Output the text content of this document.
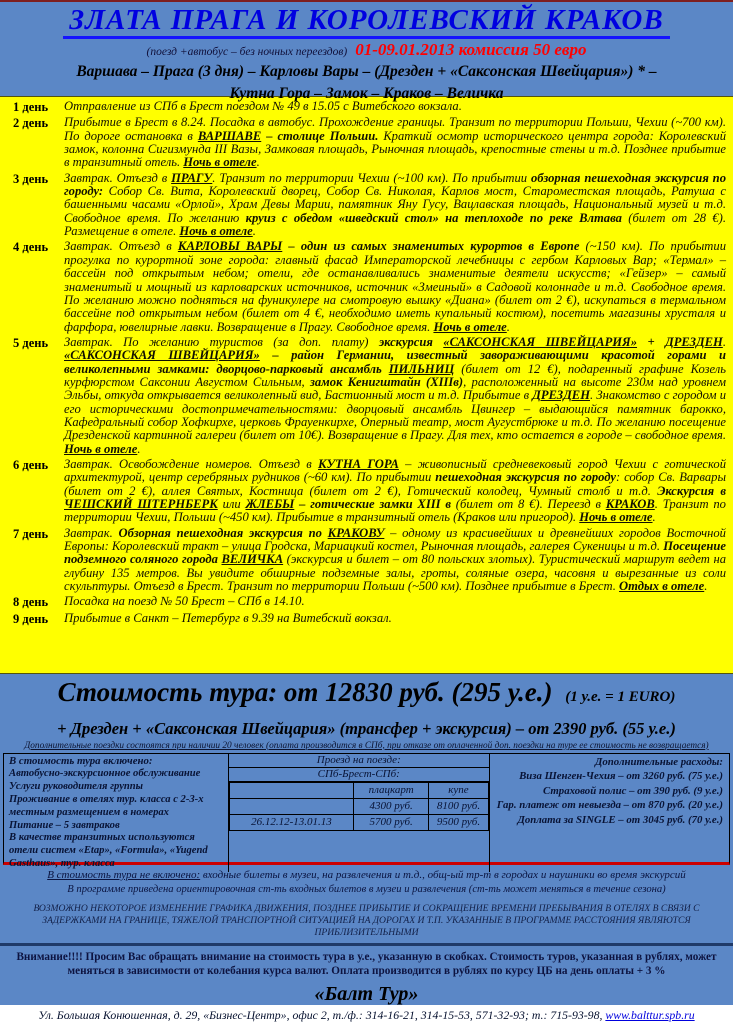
ЗЛАТА ПРАГА И КОРОЛЕВСКИЙ КРАКОВ
(поезд +автобус – без ночных переездов) 01-09.01.2013 комиссия 50 евро
Варшава – Прага (3 дня) – Карловы Вары – (Дрезден + «Саксонская Швейцария») * –
Кутна Гора – Замок – Краков – Величка
1 день	Отправление из СПб в Брест поездом № 49 в 15.05 с Витебского вокзала.
2 день	Прибытие в Брест в 8.24. Посадка в автобус. Прохождение границы. Транзит по территории Польши, Чехии (~700 км). По дороге остановка в ВАРШАВЕ – столице Польши. Краткий осмотр исторического центра города: Королевский замок, колонна Сигизмунда III Вазы, Замковая площадь, Рыночная площадь, крепостные стены и т.д. Позднее прибытие в транзитный отель. Ночь в отеле.
3 день	Завтрак. Отъезд в ПРАГУ. Транзит по территории Чехии (~100 км). По прибытии обзорная пешеходная экскурсия по городу: Собор Св. Вита, Королевский дворец, Собор Св. Николая, Карлов мост, Староместская площадь, Ратуша с башенными часами «Орлой», Храм Девы Марии, памятник Яну Гусу, Вацлавская площадь, Национальный музей и т.д. Свободное время. По желанию круиз с обедом «шведский стол» на теплоходе по реке Влтава (билет от 28 €). Размещение в отеле. Ночь в отеле.
4 день	Завтрак. Отъезд в КАРЛОВЫ ВАРЫ – один из самых знаменитых курортов в Европе (~150 км). По прибытии прогулка по курортной зоне города: главный фасад Императорской лечебницы с гербом Карловых Вар; «Термал» – бассейн под открытым небом; отели, где останавливались знаменитые деятели искусств; «Гейзер» – самый знаменитый и мощный из карловарских источников, источник «Змеиный» в Садовой колоннаде и т.д. Свободное время. По желанию можно подняться на фуникулере на смотровую вышку «Диана» (билет от 2 €), искупаться в термальном бассейне под открытым небом (билет от 4 €, необходимо иметь купальный костюм), посетить магазины хрусталя и фарфора, ювелирные лавки. Возвращение в Прагу. Свободное время. Ночь в отеле.
5 день	Завтрак. По желанию туристов (за доп. плату) экскурсия «САКСОНСКАЯ ШВЕЙЦАРИЯ» + ДРЕЗДЕН. «САКСОНСКАЯ ШВЕЙЦАРИЯ» – район Германии, известный завораживающими красотой горами и великолепными замками: дворцово-парковый ансамбль ПИЛЬНИЦ (билет от 12 €), подаренный графине Козель курфюрстом Саксонии Августом Сильным, замок Кенигштайн (XIIIв), расположенный на высоте 230м над уровнем Эльбы, откуда открывается великолепный вид, Бастионный мост и т.д. Прибытие в ДРЕЗДЕН. Знакомство с городом и его историческими достопримечательностями: дворцовый ансамбль Цвингер – выдающийся памятник барокко, Кафедральный собор Хофкирхе, церковь Фрауенкирхе, Оперный театр, мост Аугустбрюке и т.д. По желанию посещение Дрезденской картинной галереи (билет от 10€). Возвращение в Прагу. Для тех, кто остается в городе – свободное время. Ночь в отеле.
6 день	Завтрак. Освобождение номеров. Отъезд в КУТНА ГОРА – живописный средневековый город Чехии с готической архитектурой, центр серебряных рудников (~60 км). По прибытии пешеходная экскурсия по городу: собор Св. Варвары (билет от 2 €), аллея Святых, Костница (билет от 2 €), Готический колодец, Чумный столб и т.д. Экскурсия в ЧЕШСКИЙ ШТЕРНБЕРК или ЖЛЕБЫ – готические замки XIII в (билет от 8 €). Переезд в КРАКОВ. Транзит по территории Чехии, Польши (~450 км). Прибытие в транзитный отель (Краков или пригород). Ночь в отеле.
7 день	Завтрак. Обзорная пешеходная экскурсия по КРАКОВУ – одному из красивейших и древнейших городов Восточной Европы: Королевский тракт – улица Гродска, Мариацкий костел, Рыночная площадь, галерея Сукеницы и т.д. Посещение подземного соляного города ВЕЛИЧКА (экскурсия и билет – от 80 польских злотых). Туристический маршрут ведет на глубину 135 метров. Вы увидите обширные подземные залы, гроты, соляные озера, часовня и вырезанные из соли скульптуры. Отъезд в Брест. Транзит по территории Польши (~500 км). Позднее прибытие в Брест. Отдых в отеле.
8 день	Посадка на поезд № 50 Брест – СПб в 14.10.
9 день	Прибытие в Санкт – Петербург в 9.39 на Витебский вокзал.
Стоимость тура: от 12830 руб. (295 у.е.) (1 у.е. = 1 EURO)
+ Дрезден + «Саксонская Швейцария» (трансфер + экскурсия) – от 2390 руб. (55 у.е.)
Дополнительные поездки состоятся при наличии 20 человек (оплата производится в СПб, при отказе от оплаченной доп. поездки на туре ее стоимость не возвращается)
В стоимость тура включено:
Автобусно-экскурсионное обслуживание
Услуги руководителя группы
Проживание в отелях тур. класса с 2-3-х местным размещением в номерах
Питание – 5 завтраков
В качестве транзитных используются отели систем «Etap», «Formula», «Yugend Gasthaus», тур. класса
Проезд на поезде:
СПб-Брест-СПб:
	плацкарт	купе
	4300 руб.	8100 руб.
26.12.12-13.01.13	5700 руб.	9500 руб.
Дополнительные расходы:
Виза Шенген-Чехия – от 3260 руб. (75 у.е.)
Страховой полис – от 390 руб. (9 у.е.)
Гар. платеж от невыезда – от 870 руб. (20 у.е.)
Доплата за SINGLE – от 3045 руб. (70 у.е.)
В стоимость тура не включено: входные билеты в музеи, на развлечения и т.д., общ-ый тр-т в городах и наушники во время экскурсий
В программе приведена ориентировочная ст-ть входных билетов в музеи и развлечения (ст-ть может меняться в течение сезона)
ВОЗМОЖНО НЕКОТОРОЕ ИЗМЕНЕНИЕ ГРАФИКА ДВИЖЕНИЯ, ПОЗДНЕЕ ПРИБЫТИЕ И СОКРАЩЕНИЕ ВРЕМЕНИ ПРЕБЫВАНИЯ В ОТЕЛЯХ В СВЯЗИ С ЗАДЕРЖКАМИ НА ГРАНИЦЕ, ТЯЖЕЛОЙ ТРАНСПОРТНОЙ СИТУАЦИЕЙ НА ДОРОГАХ И Т.П. УКАЗАННЫЕ В ПРОГРАММЕ РАССТОЯНИЯ ЯВЛЯЮТСЯ ПРИБЛИЗИТЕЛЬНЫМИ
Внимание!!!! Просим Вас обращать внимание на стоимость тура в у.е., указанную в скобках. Стоимость туров, указанная в рублях, может меняться в зависимости от колебания курса валют. Оплата производится в рублях по курсу ЦБ на день оплаты + 3 %
«Балт Тур»
Ул. Большая Конюшенная, д. 29, «Бизнес-Центр», офис 2, т./ф.: 314-16-21, 314-15-53, 571-32-93; т.: 715-93-98, www.balttur.spb.ru
